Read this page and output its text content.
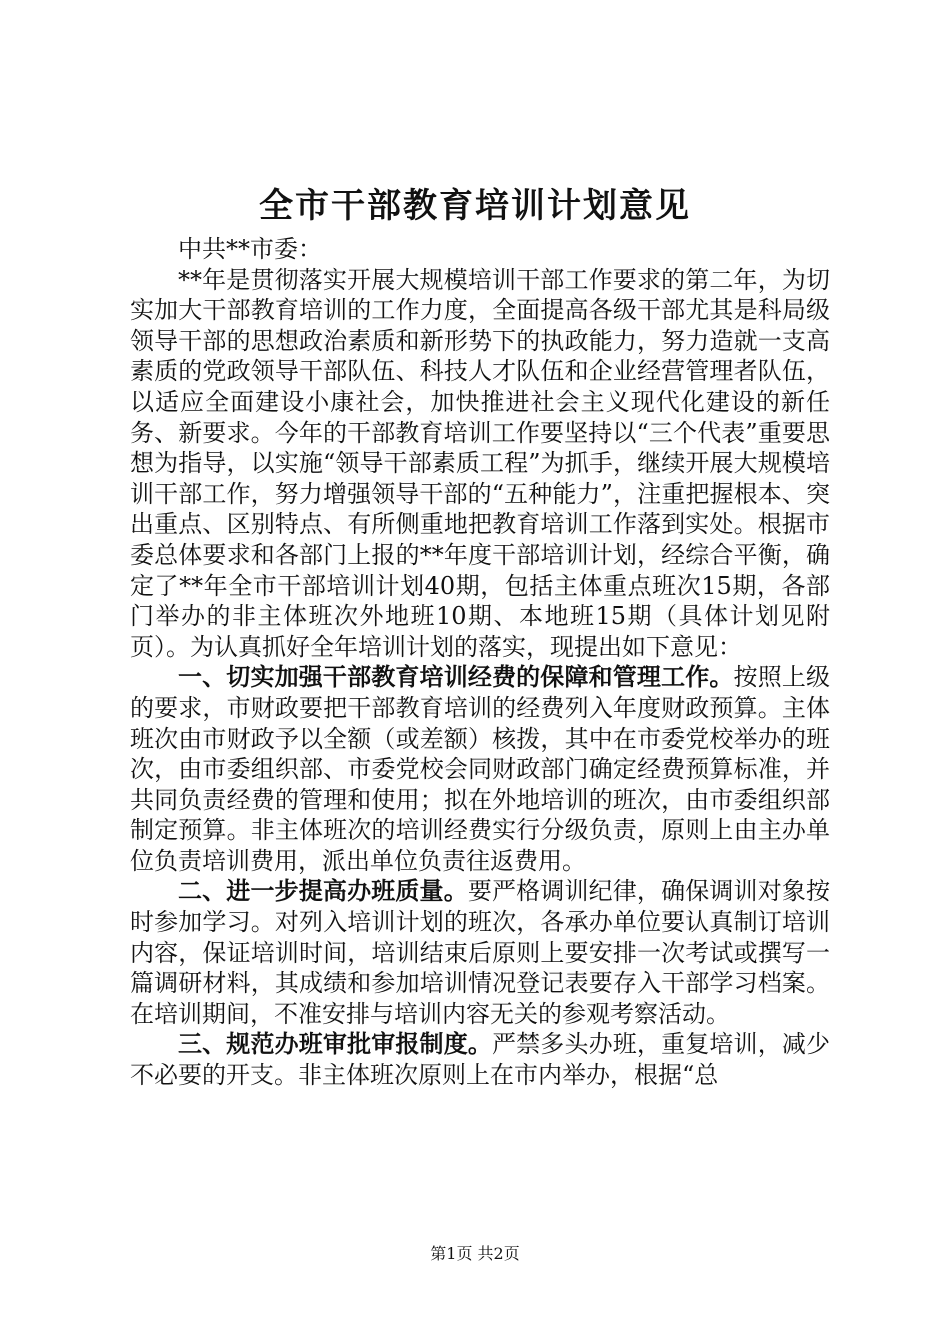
全市干部教育培训计划意见

中共**市委：

**年是贯彻落实开展大规模培训干部工作要求的第二年，为切实加大干部教育培训的工作力度，全面提高各级干部尤其是科局级领导干部的思想政治素质和新形势下的执政能力，努力造就一支高素质的党政领导干部队伍、科技人才队伍和企业经营管理者队伍，以适应全面建设小康社会，加快推进社会主义现代化建设的新任务、新要求。今年的干部教育培训工作要坚持以“三个代表”重要思想为指导，以实施“领导干部素质工程”为抓手，继续开展大规模培训干部工作，努力增强领导干部的“五种能力”，注重把握根本、突出重点、区别特点、有所侧重地把教育培训工作落到实处。根据市委总体要求和各部门上报的**年度干部培训计划，经综合平衡，确定了**年全市干部培训计划40期，包括主体重点班次15期，各部门举办的非主体班次外地班10期、本地班15期（具体计划见附页）。为认真抓好全年培训计划的落实，现提出如下意见：

一、切实加强干部教育培训经费的保障和管理工作。按照上级的要求，市财政要把干部教育培训的经费列入年度财政预算。主体班次由市财政予以全额（或差额）核拨，其中在市委党校举办的班次，由市委组织部、市委党校会同财政部门确定经费预算标准，并共同负责经费的管理和使用；拟在外地培训的班次，由市委组织部制定预算。非主体班次的培训经费实行分级负责，原则上由主办单位负责培训费用，派出单位负责往返费用。

二、进一步提高办班质量。要严格调训纪律，确保调训对象按时参加学习。对列入培训计划的班次，各承办单位要认真制订培训内容，保证培训时间，培训结束后原则上要安排一次考试或撰写一篇调研材料，其成绩和参加培训情况登记表要存入干部学习档案。在培训期间，不准安排与培训内容无关的参观考察活动。

三、规范办班审批审报制度。严禁多头办班，重复培训，减少不必要的开支。非主体班次原则上在市内举办，根据“总

第1页 共2页
